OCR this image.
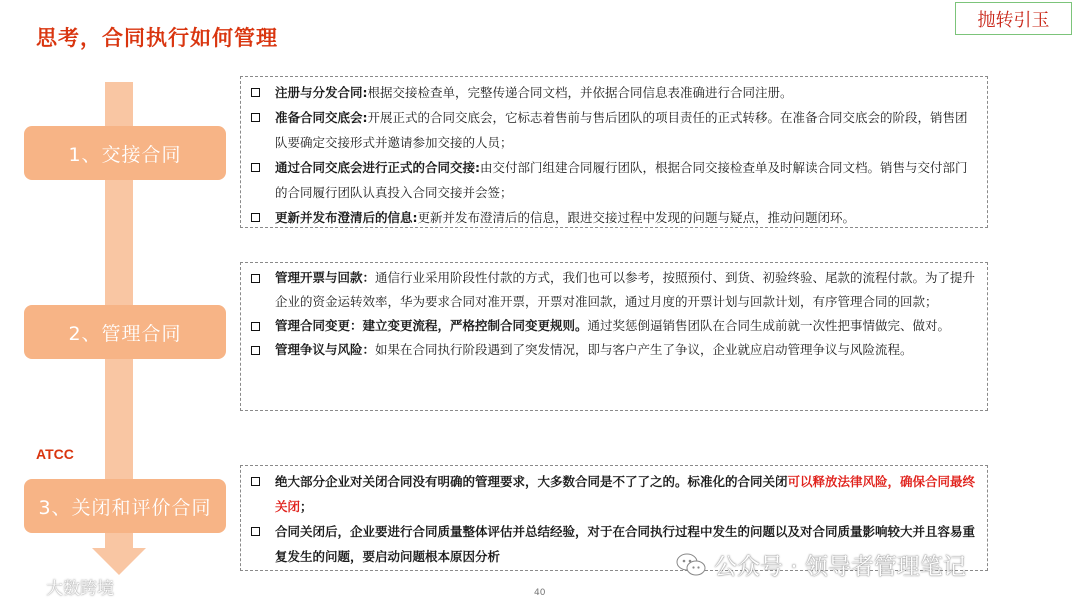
思考，合同执行如何管理
抛转引玉
1、交接合同
2、管理合同
ATCC
3、关闭和评价合同
注册与分发合同:根据交接检查单，完整传递合同文档，并依据合同信息表准确进行合同注册。
准备合同交底会:开展正式的合同交底会，它标志着售前与售后团队的项目责任的正式转移。在准备合同交底会的阶段，销售团队要确定交接形式并邀请参加交接的人员；
通过合同交底会进行正式的合同交接:由交付部门组建合同履行团队，根据合同交接检查单及时解读合同文档。销售与交付部门的合同履行团队认真投入合同交接并会签；
更新并发布澄清后的信息:更新并发布澄清后的信息，跟进交接过程中发现的问题与疑点，推动问题闭环。
管理开票与回款：通信行业采用阶段性付款的方式，我们也可以参考，按照预付、到货、初验终验、尾款的流程付款。为了提升企业的资金运转效率，华为要求合同对准开票，开票对准回款，通过月度的开票计划与回款计划，有序管理合同的回款；
管理合同变更：建立变更流程，严格控制合同变更规则。通过奖惩倒逼销售团队在合同生成前就一次性把事情做完、做对。
管理争议与风险：如果在合同执行阶段遇到了突发情况，即与客户产生了争议，企业就应启动管理争议与风险流程。
绝大部分企业对关闭合同没有明确的管理要求，大多数合同是不了了之的。标准化的合同关闭可以释放法律风险，确保合同最终关闭；
合同关闭后，企业要进行合同质量整体评估并总结经验，对于在合同执行过程中发生的问题以及对合同质量影响较大并且容易重复发生的问题，要启动问题根本原因分析
40
大数跨境
公众号 · 领导者管理笔记
